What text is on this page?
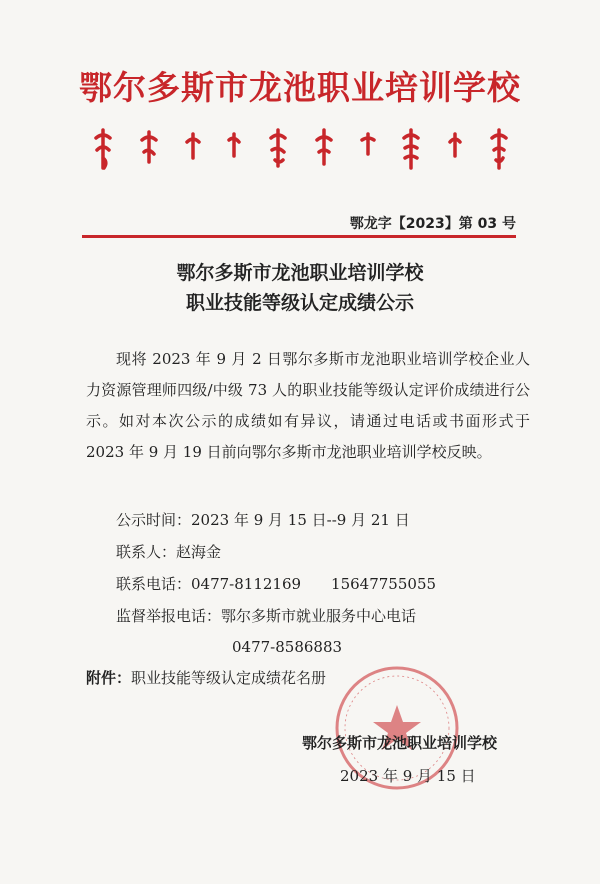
鄂尔多斯市龙池职业培训学校
鄂龙字【2023】第 03 号
鄂尔多斯市龙池职业培训学校
职业技能等级认定成绩公示
现将 2023 年 9 月 2 日鄂尔多斯市龙池职业培训学校企业人力资源管理师四级/中级 73 人的职业技能等级认定评价成绩进行公示。如对本次公示的成绩如有异议，请通过电话或书面形式于 2023 年 9 月 19 日前向鄂尔多斯市龙池职业培训学校反映。
公示时间：2023 年 9 月 15 日--9 月 21 日
联系人：赵海金
联系电话：0477-8112169　　15647755055
监督举报电话：鄂尔多斯市就业服务中心电话
0477-8586883
附件：职业技能等级认定成绩花名册
鄂尔多斯市龙池职业培训学校
2023 年 9 月 15 日
